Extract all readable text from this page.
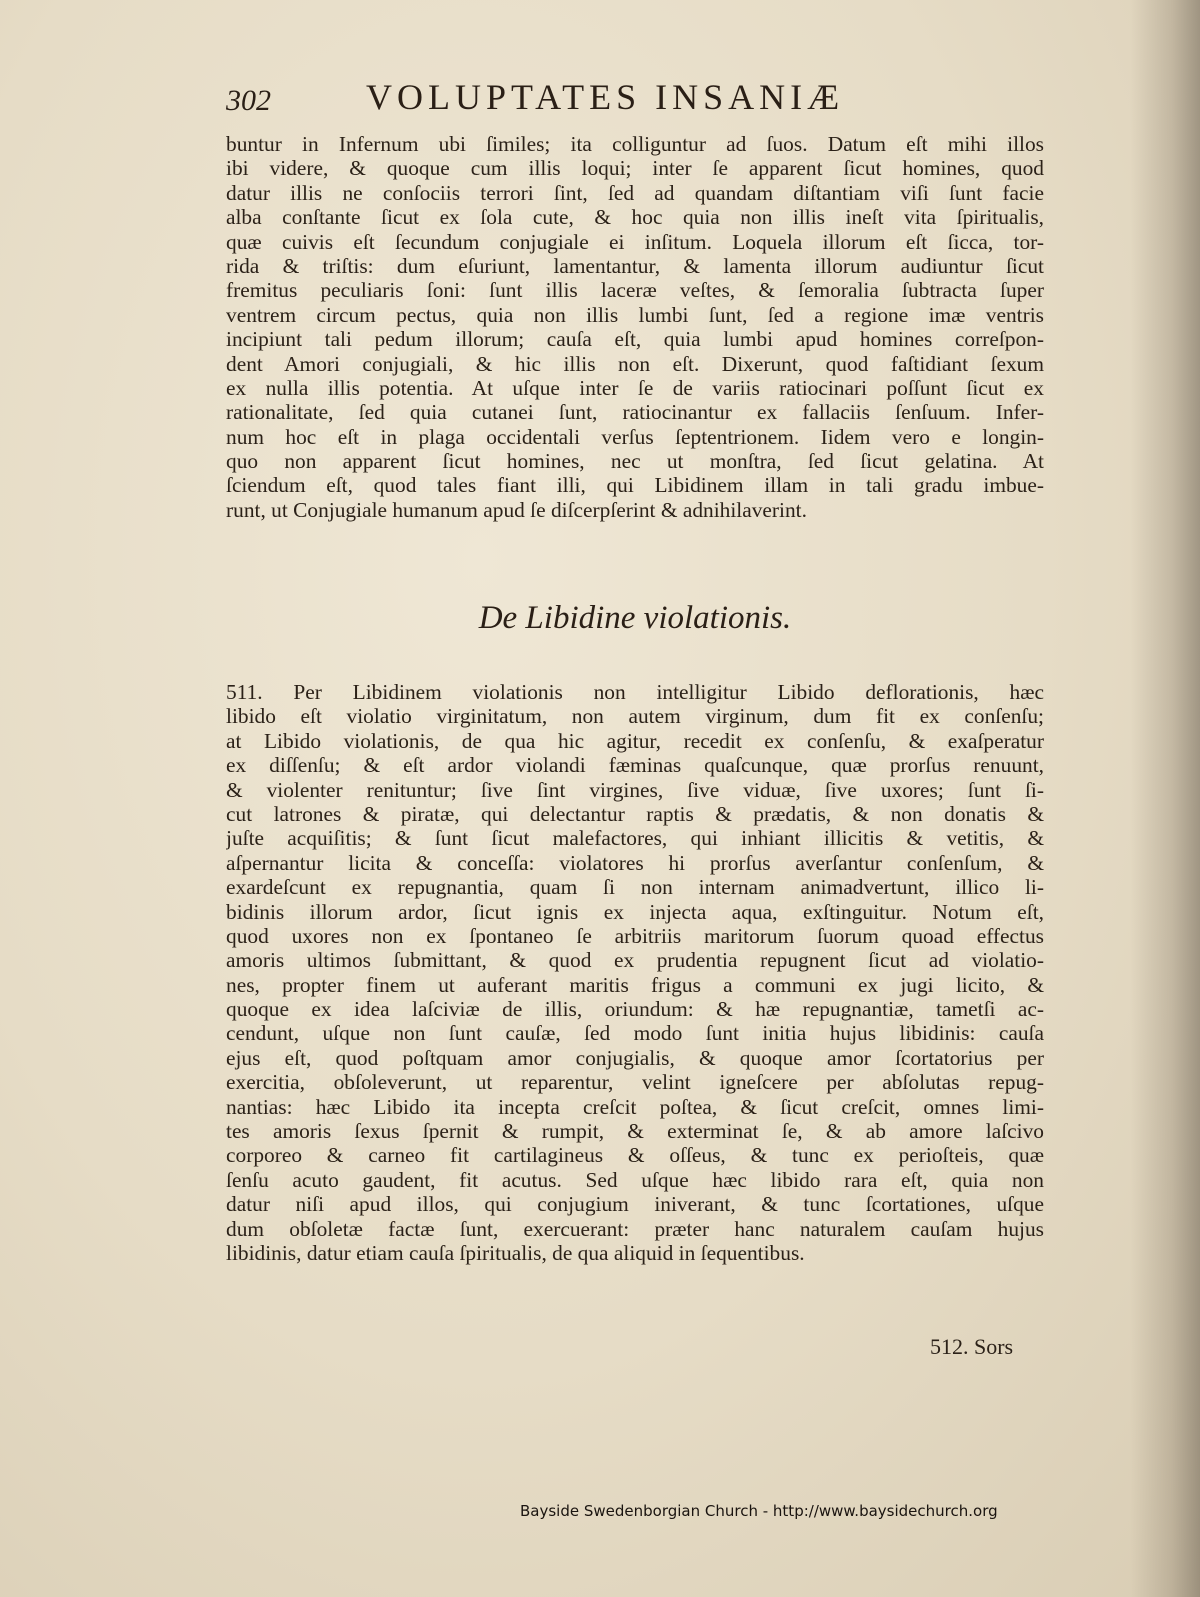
302	VOLUPTATES INSANIÆ
buntur in Infernum ubi ſimiles; ita colliguntur ad ſuos. Datum eſt mihi illos
ibi videre, & quoque cum illis loqui; inter ſe apparent ſicut homines, quod
datur illis ne conſociis terrori ſint, ſed ad quandam diſtantiam viſi ſunt facie
alba conſtante ſicut ex ſola cute, & hoc quia non illis ineſt vita ſpiritualis,
quæ cuivis eſt ſecundum conjugiale ei inſitum. Loquela illorum eſt ſicca, tor-
rida & triſtis: dum eſuriunt, lamentantur, & lamenta illorum audiuntur ſicut
fremitus peculiaris ſoni: ſunt illis laceræ veſtes, & ſemoralia ſubtracta ſuper
ventrem circum pectus, quia non illis lumbi ſunt, ſed a regione imæ ventris
incipiunt tali pedum illorum; cauſa eſt, quia lumbi apud homines correſpon-
dent Amori conjugiali, & hic illis non eſt. Dixerunt, quod faſtidiant ſexum
ex nulla illis potentia. At uſque inter ſe de variis ratiocinari poſſunt ſicut ex
rationalitate, ſed quia cutanei ſunt, ratiocinantur ex fallaciis ſenſuum. Infer-
num hoc eſt in plaga occidentali verſus ſeptentrionem. Iidem vero e longin-
quo non apparent ſicut homines, nec ut monſtra, ſed ſicut gelatina. At
ſciendum eſt, quod tales fiant illi, qui Libidinem illam in tali gradu imbue-
runt, ut Conjugiale humanum apud ſe diſcerpſerint & adnihilaverint.
De Libidine violationis.
511. Per Libidinem violationis non intelligitur Libido deflorationis, hæc
libido eſt violatio virginitatum, non autem virginum, dum fit ex conſenſu;
at Libido violationis, de qua hic agitur, recedit ex conſenſu, & exaſperatur
ex diſſenſu; & eſt ardor violandi fæminas quaſcunque, quæ prorſus renuunt,
& violenter renituntur; ſive ſint virgines, ſive viduæ, ſive uxores; ſunt ſi-
cut latrones & piratæ, qui delectantur raptis & prædatis, & non donatis &
juſte acquiſitis; & ſunt ſicut malefactores, qui inhiant illicitis & vetitis, &
aſpernantur licita & conceſſa: violatores hi prorſus averſantur conſenſum, &
exardeſcunt ex repugnantia, quam ſi non internam animadvertunt, illico li-
bidinis illorum ardor, ſicut ignis ex injecta aqua, exſtinguitur. Notum eſt,
quod uxores non ex ſpontaneo ſe arbitriis maritorum ſuorum quoad effectus
amoris ultimos ſubmittant, & quod ex prudentia repugnent ſicut ad violatio-
nes, propter finem ut auferant maritis frigus a communi ex jugi licito, &
quoque ex idea laſciviæ de illis, oriundum: & hæ repugnantiæ, tametſi ac-
cendunt, uſque non ſunt cauſæ, ſed modo ſunt initia hujus libidinis: cauſa
ejus eſt, quod poſtquam amor conjugialis, & quoque amor ſcortatorius per
exercitia, obſoleverunt, ut reparentur, velint igneſcere per abſolutas repug-
nantias: hæc Libido ita incepta creſcit poſtea, & ſicut creſcit, omnes limi-
tes amoris ſexus ſpernit & rumpit, & exterminat ſe, & ab amore laſcivo
corporeo & carneo fit cartilagineus & oſſeus, & tunc ex perioſteis, quæ
ſenſu acuto gaudent, fit acutus. Sed uſque hæc libido rara eſt, quia non
datur niſi apud illos, qui conjugium iniverant, & tunc ſcortationes, uſque
dum obſoletæ factæ ſunt, exercuerant: præter hanc naturalem cauſam hujus
libidinis, datur etiam cauſa ſpiritualis, de qua aliquid in ſequentibus.
512. Sors
Bayside Swedenborgian Church - http://www.baysidechurch.org
